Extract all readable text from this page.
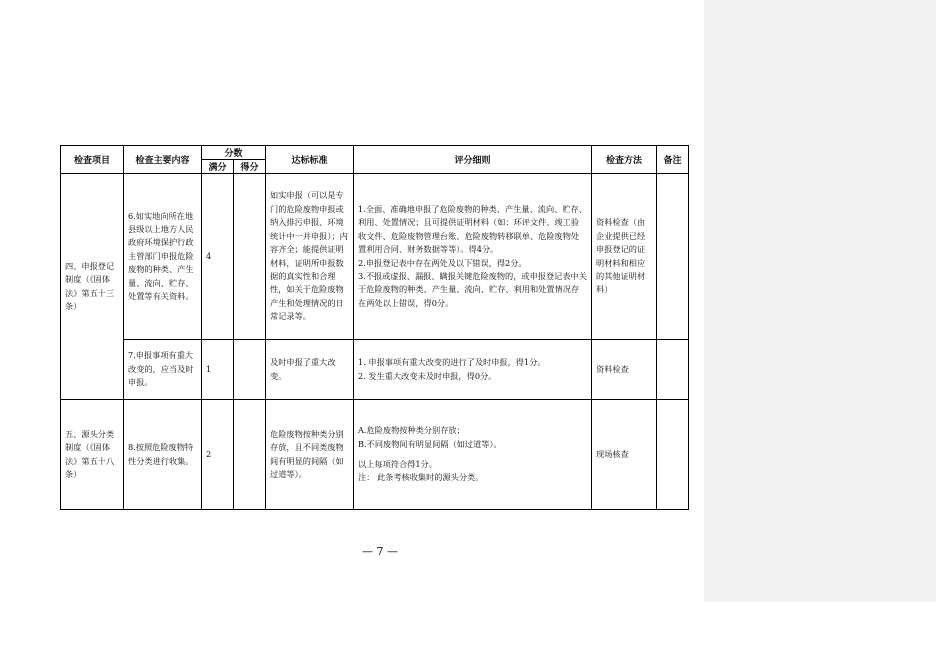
检查项目	检查主要内容	分数		达标标准	评分细则	检查方法	备注
		满分	得分				
四、申报登记制度（《固体法》第五十三条）	6.如实地向所在地县级以上地方人民政府环境保护行政主管部门申报危险废物的种类、产生量、流向、贮存、处置等有关资料。	4		如实申报（可以是专门的危险废物申报或纳入排污申报、环境统计中一并申报）；内容齐全；能提供证明材料，证明所申报数据的真实性和合理性，如关于危险废物产生和处理情况的日常记录等。	1.全面、准确地申报了危险废物的种类、产生量、流向、贮存、利用、处置情况；且可提供证明材料（如：环评文件、竣工验收文件、危险废物管理台账、危险废物转移联单、危险废物处置利用合同、财务数据等等）。得4分。
2.申报登记表中存在两处及以下错误，得2分。
3.不报或虚报、漏报、瞒报关键危险废物的，或申报登记表中关于危险废物的种类、产生量、流向、贮存、利用和处置情况存在两处以上错误，得0分。	资料检查（由企业提供已经申报登记的证明材料和相应的其他证明材料）	
	7.申报事项有重大改变的，应当及时申报。	1		及时申报了重大改变。	1. 申报事项有重大改变的进行了及时申报，得1分。
2. 发生重大改变未及时申报，得0分。	资料检查	
五、源头分类制度（《固体法》第五十八条）	8.按照危险废物特性分类进行收集。	2		危险废物按种类分别存放，且不同类废物间有明显的间隔（如过道等）。	A.危险废物按种类分别存放；
B.不同废物间有明显间隔（如过道等）。
以上每项符合得1分。
注： 此条考核收集时的源头分类。	现场核查	
— 7 —
